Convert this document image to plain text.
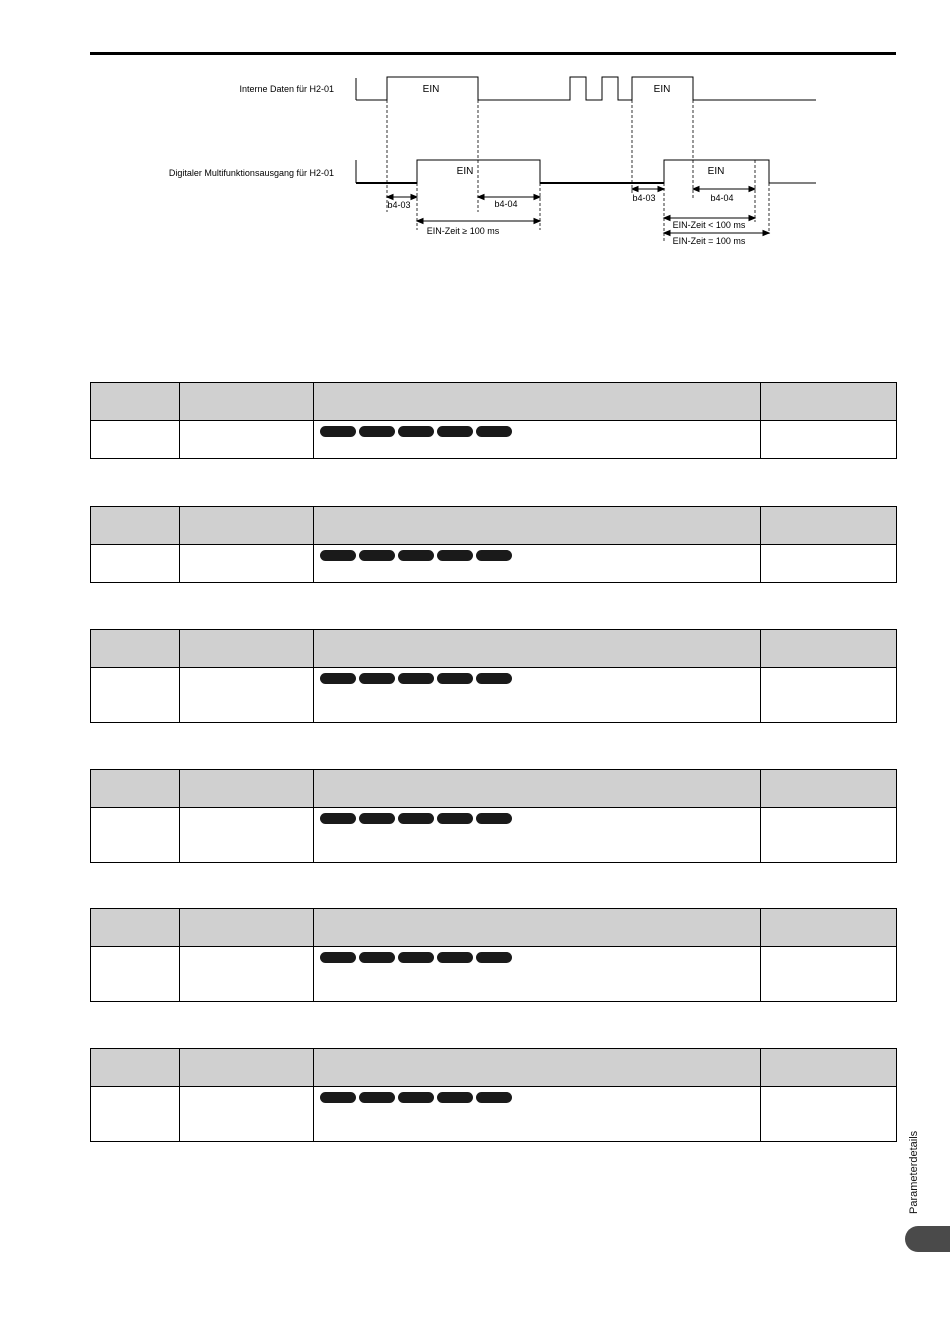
Interne Daten für H2-01
Digitaler Multifunktionsausgang für H2-01
EIN	EIN
EIN	EIN
b4-03	b4-04
EIN-Zeit ≥ 100 ms
b4-03	b4-04
EIN-Zeit < 100 ms
EIN-Zeit = 100 ms

Parameterdetails
